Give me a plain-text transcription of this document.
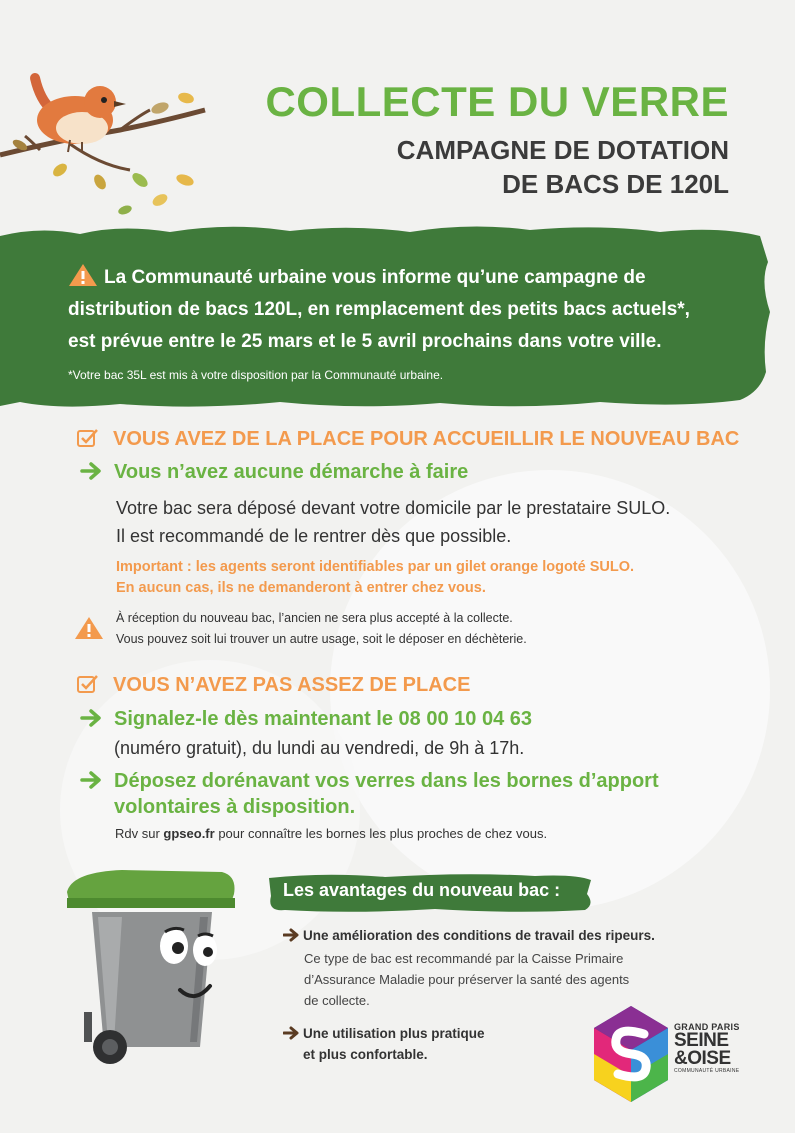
COLLECTE DU VERRE
CAMPAGNE DE DOTATION
DE BACS DE 120L
La Communauté urbaine vous informe qu’une campagne de
distribution de bacs 120L, en remplacement des petits bacs actuels*,
est prévue entre le 25 mars et le 5 avril prochains dans votre ville.
*Votre bac 35L est mis à votre disposition par la Communauté urbaine.
VOUS AVEZ DE LA PLACE POUR ACCUEILLIR LE NOUVEAU BAC
Vous n’avez aucune démarche à faire
Votre bac sera déposé devant votre domicile par le prestataire SULO.
Il est recommandé de le rentrer dès que possible.
Important : les agents seront identifiables par un gilet orange logoté SULO.
En aucun cas, ils ne demanderont à entrer chez vous.
À réception du nouveau bac, l’ancien ne sera plus accepté à la collecte.
Vous pouvez soit lui trouver un autre usage, soit le déposer en déchèterie.
VOUS N’AVEZ PAS ASSEZ DE PLACE
Signalez-le dès maintenant le 08 00 10 04 63
(numéro gratuit), du lundi au vendredi, de 9h à 17h.
Déposez dorénavant vos verres dans les bornes d’apport
volontaires à disposition.
Rdv sur gpseo.fr pour connaître les bornes les plus proches de chez vous.
Les avantages du nouveau bac :
Une amélioration des conditions de travail des ripeurs.
Ce type de bac est recommandé par la Caisse Primaire
d’Assurance Maladie pour préserver la santé des agents
de collecte.
Une utilisation plus pratique
et plus confortable.
GRAND PARIS
SEINE
&OISE
COMMUNAUTÉ URBAINE
